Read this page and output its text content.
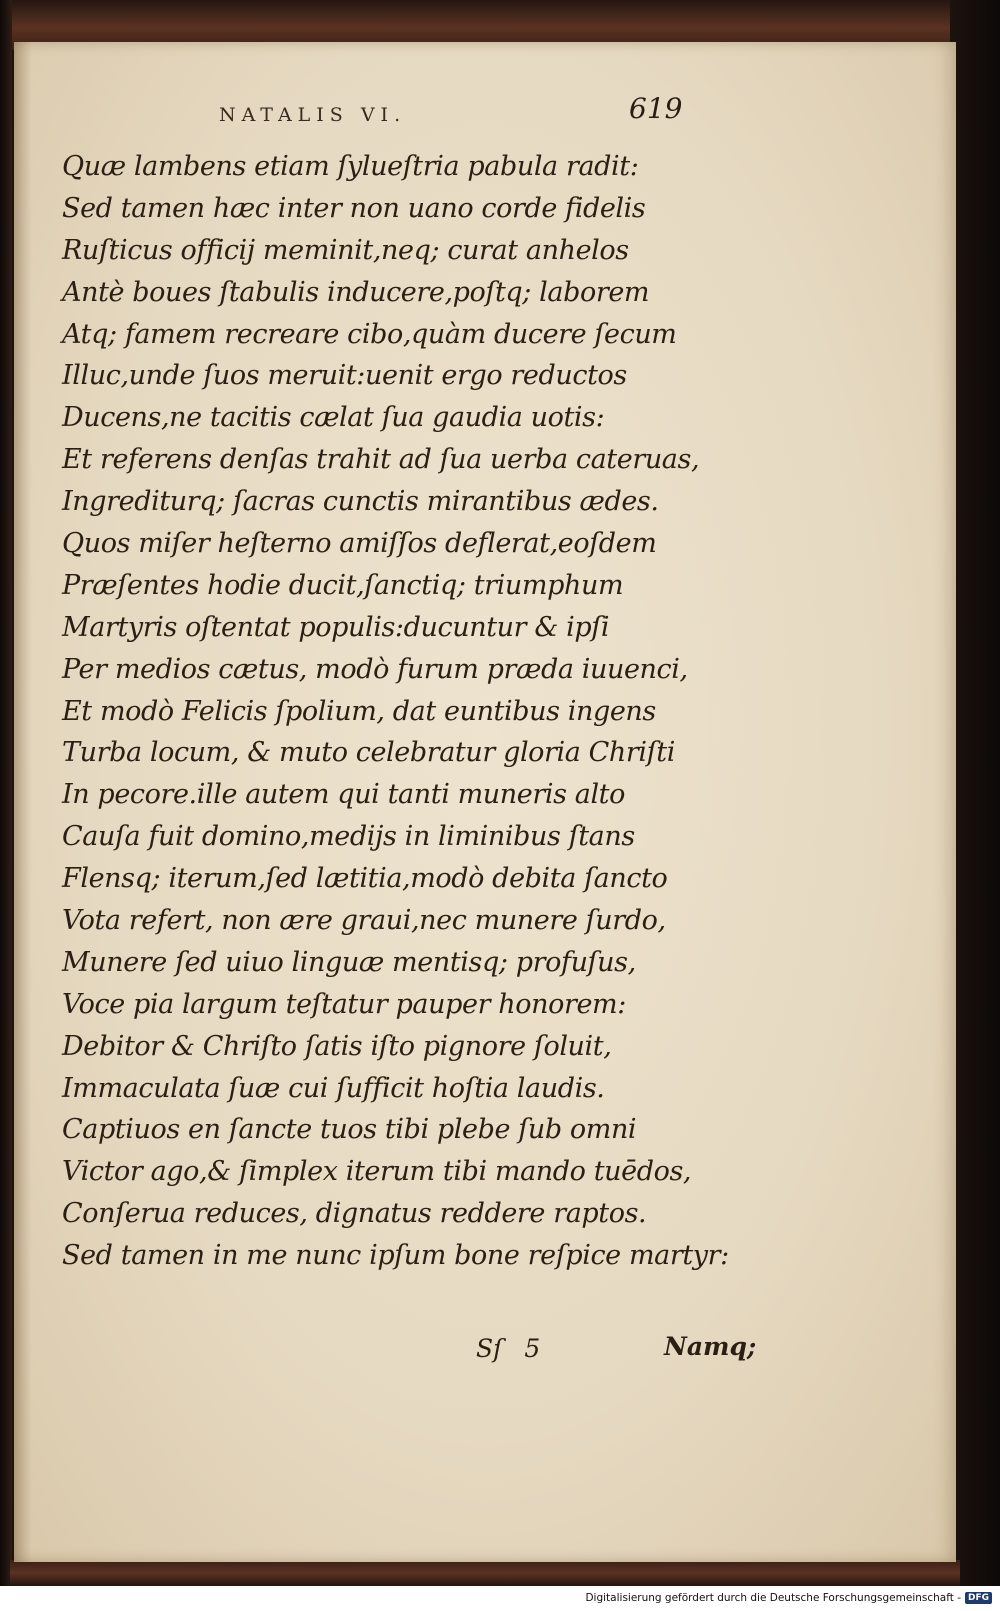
NATALIS VI.	619
Quæ lambens etiam ſylueſtria pabula radit:
Sed tamen hæc inter non uano corde fidelis
Ruſticus officij meminit,neq; curat anhelos
Antè boues ſtabulis inducere,poſtq; laborem
Atq; famem recreare cibo,quàm ducere ſecum
Illuc,unde ſuos meruit:uenit ergo reductos
Ducens,ne tacitis cælat ſua gaudia uotis:
Et referens denſas trahit ad ſua uerba cateruas,
Ingrediturq; ſacras cunctis mirantibus ædes.
Quos miſer heſterno amiſſos deflerat,eoſdem
Præſentes hodie ducit,ſanctiq; triumphum
Martyris oſtentat populis:ducuntur & ipſi
Per medios cætus, modò furum præda iuuenci,
Et modò Felicis ſpolium, dat euntibus ingens
Turba locum, & muto celebratur gloria Chriſti
In pecore.ille autem qui tanti muneris alto
Cauſa fuit domino,medijs in liminibus ſtans
Flensq; iterum,ſed lætitia,modò debita ſancto
Vota refert, non ære graui,nec munere ſurdo,
Munere ſed uiuo linguæ mentisq; profuſus,
Voce pia largum teſtatur pauper honorem:
Debitor & Chriſto ſatis iſto pignore ſoluit,
Immaculata ſuæ cui ſufficit hoſtia laudis.
Captiuos en ſancte tuos tibi plebe ſub omni
Victor ago,& ſimplex iterum tibi mando tuēdos,
Conſerua reduces, dignatus reddere raptos.
Sed tamen in me nunc ipſum bone reſpice martyr:
Sſ 5	Namq;
Digitalisierung gefördert durch die Deutsche Forschungsgemeinschaft - DFG
